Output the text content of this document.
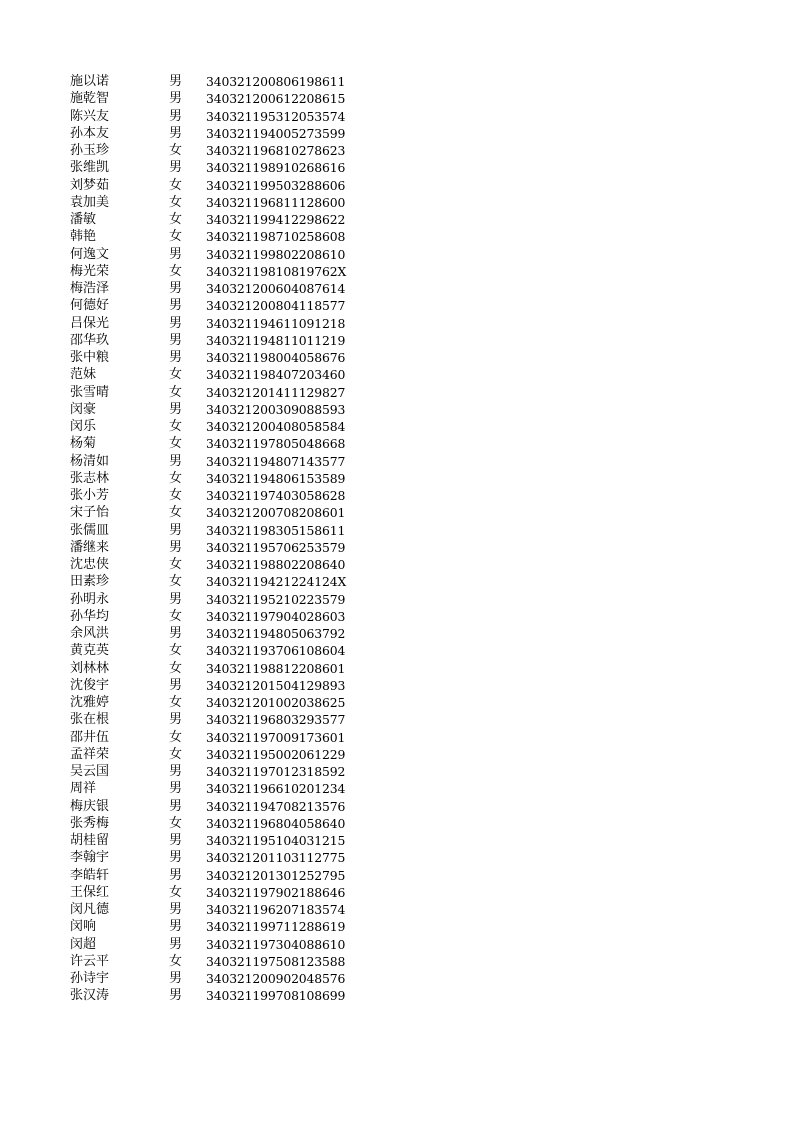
施以诺	男 340321200806198611
施乾智	男 340321200612208615
陈兴友	男 340321195312053574
孙本友	男 340321194005273599
孙玉珍	女 340321196810278623
张维凯	男 340321198910268616
刘梦茹	女 340321199503288606
袁加美	女 340321196811128600
潘敏	女 340321199412298622
韩艳	女 340321198710258608
何逸文	男 340321199802208610
梅光荣	女 34032119810819762X
梅浩泽	男 340321200604087614
何德好	男 340321200804118577
吕保光	男 340321194611091218
邵华玖	男 340321194811011219
张中粮	男 340321198004058676
范妹	女 340321198407203460
张雪晴	女 340321201411129827
闵豪	男 340321200309088593
闵乐	女 340321200408058584
杨菊	女 340321197805048668
杨清如	男 340321194807143577
张志林	女 340321194806153589
张小芳	女 340321197403058628
宋子怡	女 340321200708208601
张儒皿	男 340321198305158611
潘继来	男 340321195706253579
沈忠侠	女 340321198802208640
田素珍	女 34032119421224124X
孙明永	男 340321195210223579
孙华均	女 340321197904028603
余风洪	男 340321194805063792
黄克英	女 340321193706108604
刘林林	女 340321198812208601
沈俊宇	男 340321201504129893
沈雅婷	女 340321201002038625
张在根	男 340321196803293577
邵井伍	女 340321197009173601
孟祥荣	女 340321195002061229
吴云国	男 340321197012318592
周祥	男 340321196610201234
梅庆银	男 340321194708213576
张秀梅	女 340321196804058640
胡桂留	男 340321195104031215
李翰宇	男 340321201103112775
李皓轩	男 340321201301252795
王保红	女 340321197902188646
闵凡德	男 340321196207183574
闵响	男 340321199711288619
闵超	男 340321197304088610
许云平	女 340321197508123588
孙诗宇	男 340321200902048576
张汉涛	男 340321199708108699
